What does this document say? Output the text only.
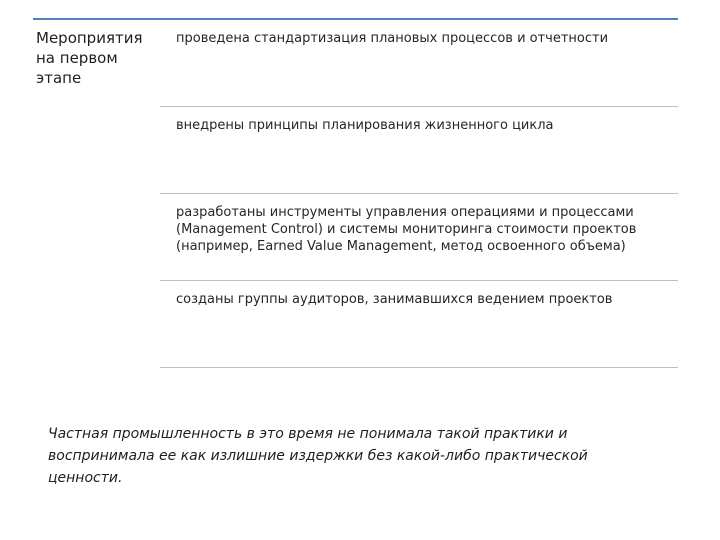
Мероприятия на первом этапе
проведена стандартизация плановых процессов и отчетности
внедрены принципы планирования жизненного цикла
разработаны инструменты управления операциями и процессами (Management Control) и системы мониторинга стоимости проектов (например, Earned Value Management, метод освоенного объема)
созданы группы аудиторов, занимавшихся ведением проектов
Частная промышленность в это время не понимала такой практики и воспринимала ее как излишние издержки без какой-либо практической ценности.
